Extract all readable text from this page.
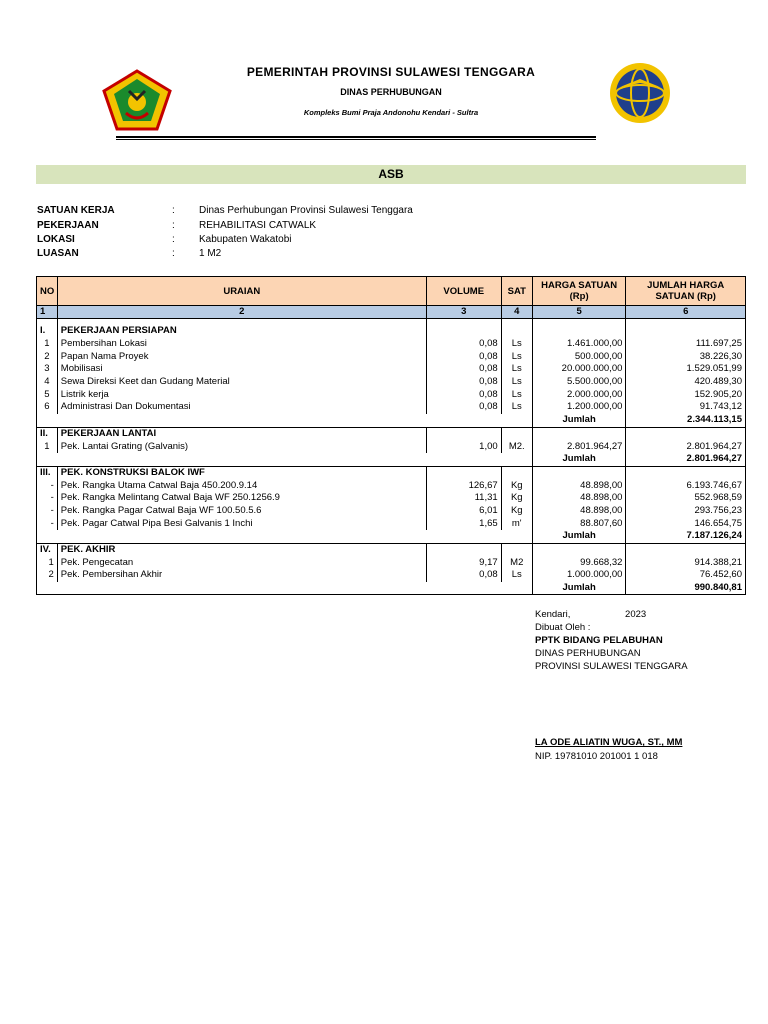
PEMERINTAH PROVINSI SULAWESI TENGGARA
DINAS PERHUBUNGAN
Kompleks Bumi Praja Andonohu Kendari - Sultra
ASB
SATUAN KERJA	: Dinas Perhubungan Provinsi Sulawesi Tenggara
PEKERJAAN	: REHABILITASI CATWALK
LOKASI	: Kabupaten Wakatobi
LUASAN	: 1 M2
NO	URAIAN	VOLUME	SAT	HARGA SATUAN (Rp)	JUMLAH HARGA SATUAN (Rp)
1	2	3	4	5	6

I.	PEKERJAAN PERSIAPAN				
1	Pembersihan Lokasi	0,08	Ls	1.461.000,00	111.697,25
2	Papan Nama Proyek	0,08	Ls	500.000,00	38.226,30
3	Mobilisasi	0,08	Ls	20.000.000,00	1.529.051,99
4	Sewa Direksi Keet dan Gudang Material	0,08	Ls	5.500.000,00	420.489,30
5	Listrik kerja	0,08	Ls	2.000.000,00	152.905,20
6	Administrasi Dan Dokumentasi	0,08	Ls	1.200.000,00	91.743,12
				Jumlah	2.344.113,15
II.	PEKERJAAN LANTAI				
1	Pek. Lantai Grating (Galvanis)	1,00	M2.	2.801.964,27	2.801.964,27
				Jumlah	2.801.964,27
III.	PEK. KONSTRUKSI BALOK IWF				
-	Pek. Rangka Utama Catwal Baja 450.200.9.14	126,67	Kg	48.898,00	6.193.746,67
-	Pek. Rangka Melintang Catwal Baja WF 250.1256.9	11,31	Kg	48.898,00	552.968,59
-	Pek. Rangka Pagar Catwal Baja WF 100.50.5.6	6,01	Kg	48.898,00	293.756,23
-	Pek. Pagar Catwal Pipa Besi Galvanis 1 Inchi	1,65	m'	88.807,60	146.654,75
				Jumlah	7.187.126,24
IV.	PEK. AKHIR				
1	Pek. Pengecatan	9,17	M2	99.668,32	914.388,21
2	Pek. Pembersihan Akhir	0,08	Ls	1.000.000,00	76.452,60
				Jumlah	990.840,81
Kendari,	2023
Dibuat Oleh :
PPTK BIDANG PELABUHAN
DINAS PERHUBUNGAN
PROVINSI SULAWESI TENGGARA
LA ODE ALIATIN WUGA, ST., MM
NIP. 19781010 201001 1 018
